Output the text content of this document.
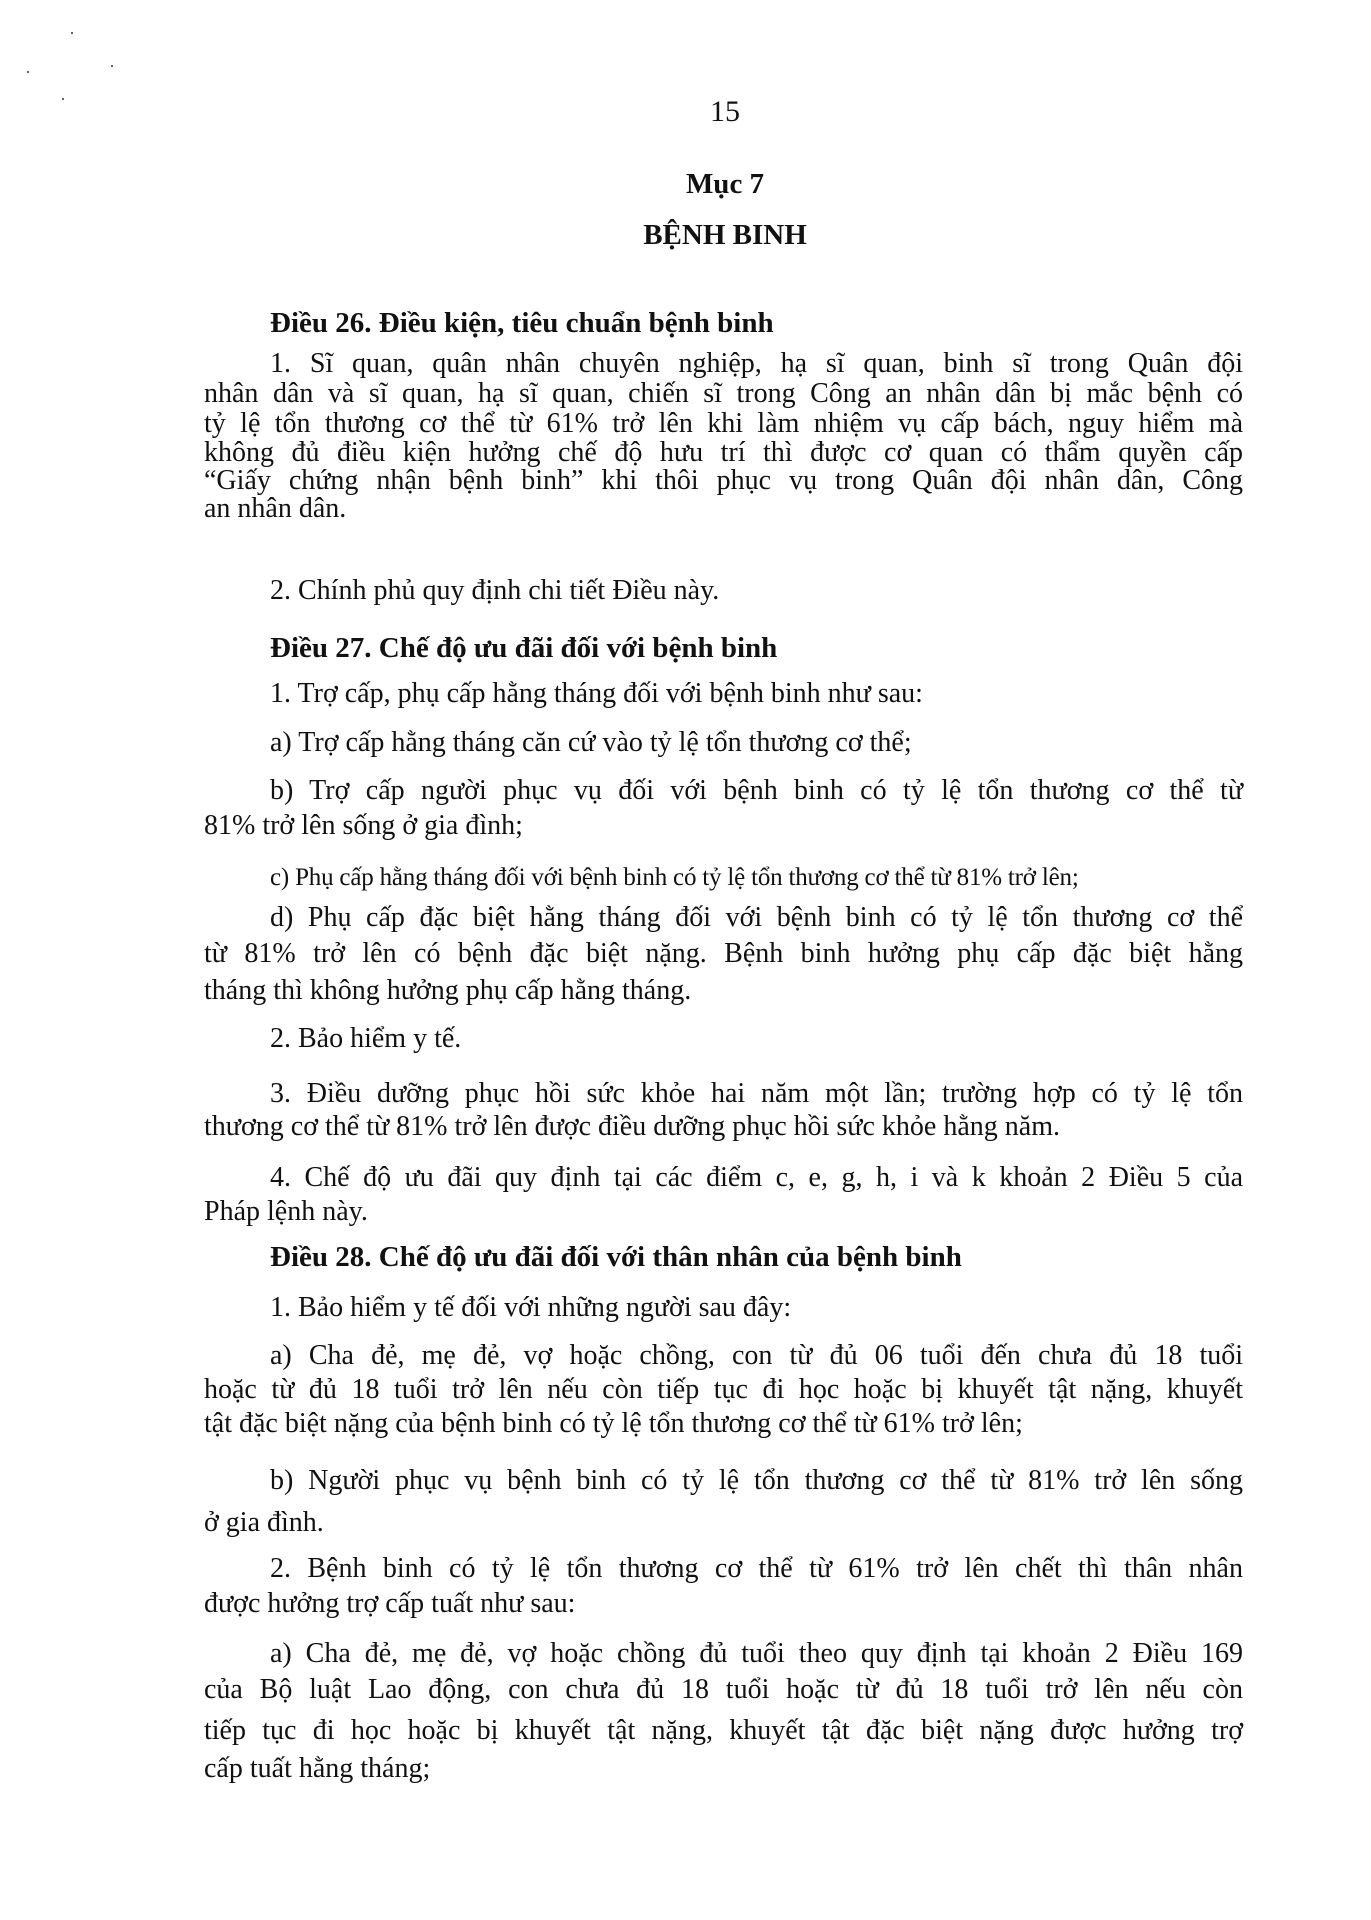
15
Mục 7
BỆNH BINH
Điều 26. Điều kiện, tiêu chuẩn bệnh binh
1. Sĩ quan, quân nhân chuyên nghiệp, hạ sĩ quan, binh sĩ trong Quân đội
nhân dân và sĩ quan, hạ sĩ quan, chiến sĩ trong Công an nhân dân bị mắc bệnh có
tỷ lệ tổn thương cơ thể từ 61% trở lên khi làm nhiệm vụ cấp bách, nguy hiểm mà
không đủ điều kiện hưởng chế độ hưu trí thì được cơ quan có thẩm quyền cấp
“Giấy chứng nhận bệnh binh” khi thôi phục vụ trong Quân đội nhân dân, Công
an nhân dân.
2. Chính phủ quy định chi tiết Điều này.
Điều 27. Chế độ ưu đãi đối với bệnh binh
1. Trợ cấp, phụ cấp hằng tháng đối với bệnh binh như sau:
a) Trợ cấp hằng tháng căn cứ vào tỷ lệ tổn thương cơ thể;
b) Trợ cấp người phục vụ đối với bệnh binh có tỷ lệ tổn thương cơ thể từ
81% trở lên sống ở gia đình;
c) Phụ cấp hằng tháng đối với bệnh binh có tỷ lệ tổn thương cơ thể từ 81% trở lên;
d) Phụ cấp đặc biệt hằng tháng đối với bệnh binh có tỷ lệ tổn thương cơ thể
từ 81% trở lên có bệnh đặc biệt nặng. Bệnh binh hưởng phụ cấp đặc biệt hằng
tháng thì không hưởng phụ cấp hằng tháng.
2. Bảo hiểm y tế.
3. Điều dưỡng phục hồi sức khỏe hai năm một lần; trường hợp có tỷ lệ tổn
thương cơ thể từ 81% trở lên được điều dưỡng phục hồi sức khỏe hằng năm.
4. Chế độ ưu đãi quy định tại các điểm c, e, g, h, i và k khoản 2 Điều 5 của
Pháp lệnh này.
Điều 28. Chế độ ưu đãi đối với thân nhân của bệnh binh
1. Bảo hiểm y tế đối với những người sau đây:
a) Cha đẻ, mẹ đẻ, vợ hoặc chồng, con từ đủ 06 tuổi đến chưa đủ 18 tuổi
hoặc từ đủ 18 tuổi trở lên nếu còn tiếp tục đi học hoặc bị khuyết tật nặng, khuyết
tật đặc biệt nặng của bệnh binh có tỷ lệ tổn thương cơ thể từ 61% trở lên;
b) Người phục vụ bệnh binh có tỷ lệ tổn thương cơ thể từ 81% trở lên sống
ở gia đình.
2. Bệnh binh có tỷ lệ tổn thương cơ thể từ 61% trở lên chết thì thân nhân
được hưởng trợ cấp tuất như sau:
a) Cha đẻ, mẹ đẻ, vợ hoặc chồng đủ tuổi theo quy định tại khoản 2 Điều 169
của Bộ luật Lao động, con chưa đủ 18 tuổi hoặc từ đủ 18 tuổi trở lên nếu còn
tiếp tục đi học hoặc bị khuyết tật nặng, khuyết tật đặc biệt nặng được hưởng trợ
cấp tuất hằng tháng;
